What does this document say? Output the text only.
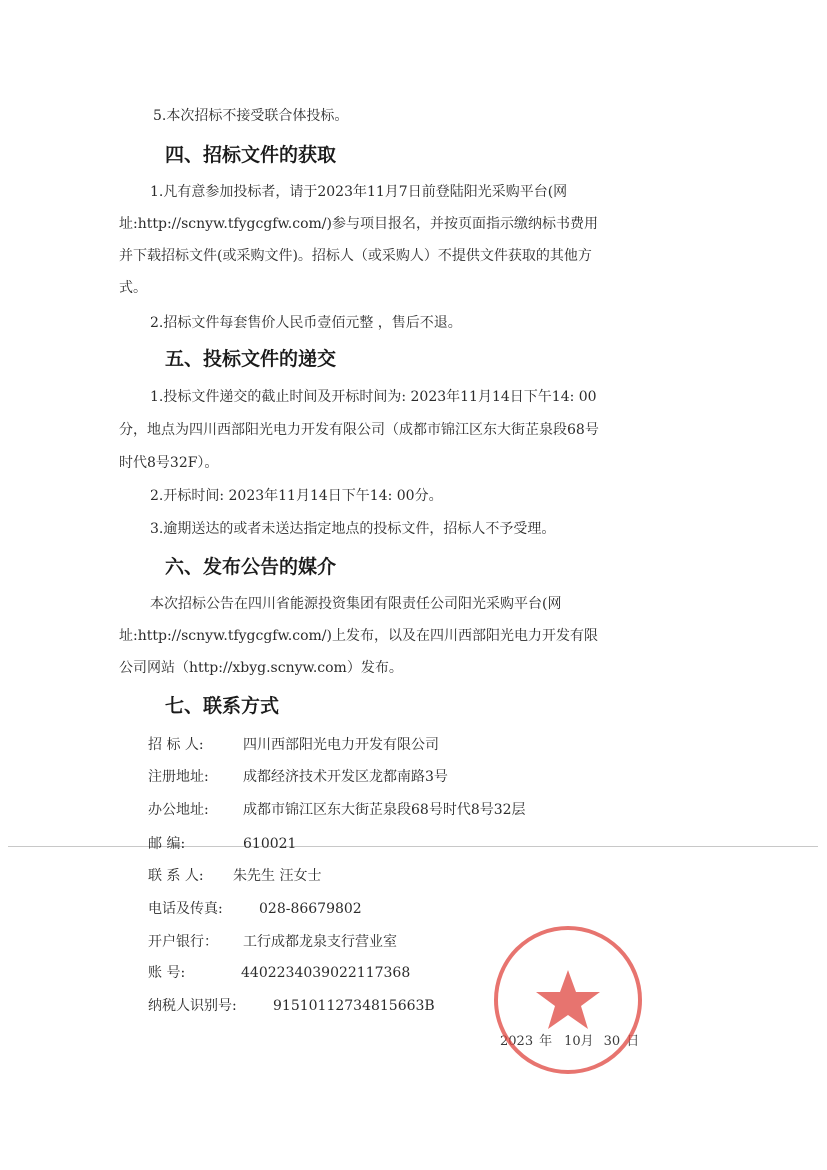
5.本次招标不接受联合体投标。
四、招标文件的获取
1.凡有意参加投标者，请于2023年11月7日前登陆阳光采购平台(网
址:http://scnyw.tfygcgfw.com/)参与项目报名，并按页面指示缴纳标书费用
并下载招标文件(或采购文件)。招标人（或采购人）不提供文件获取的其他方
式。
2.招标文件每套售价人民币壹佰元整 ，售后不退。
五、投标文件的递交
1.投标文件递交的截止时间及开标时间为: 2023年11月14日下午14: 00
分，地点为四川西部阳光电力开发有限公司（成都市锦江区东大街芷泉段68号
时代8号32F）。
2.开标时间: 2023年11月14日下午14: 00分。
3.逾期送达的或者未送达指定地点的投标文件，招标人不予受理。
六、发布公告的媒介
本次招标公告在四川省能源投资集团有限责任公司阳光采购平台(网
址:http://scnyw.tfygcgfw.com/)上发布，以及在四川西部阳光电力开发有限
公司网站（http://xbyg.scnyw.com）发布。
七、联系方式
招 标 人:	四川西部阳光电力开发有限公司
注册地址: 成都经济技术开发区龙都南路3号
办公地址: 成都市锦江区东大街芷泉段68号时代8号32层
邮 编:	610021
联 系 人: 朱先生 汪女士
电话及传真:	028-86679802
开户银行： 工行成都龙泉支行营业室
账 号:	4402234039022117368
纳税人识别号:	91510112734815663B
2023 年 10月 30 日
